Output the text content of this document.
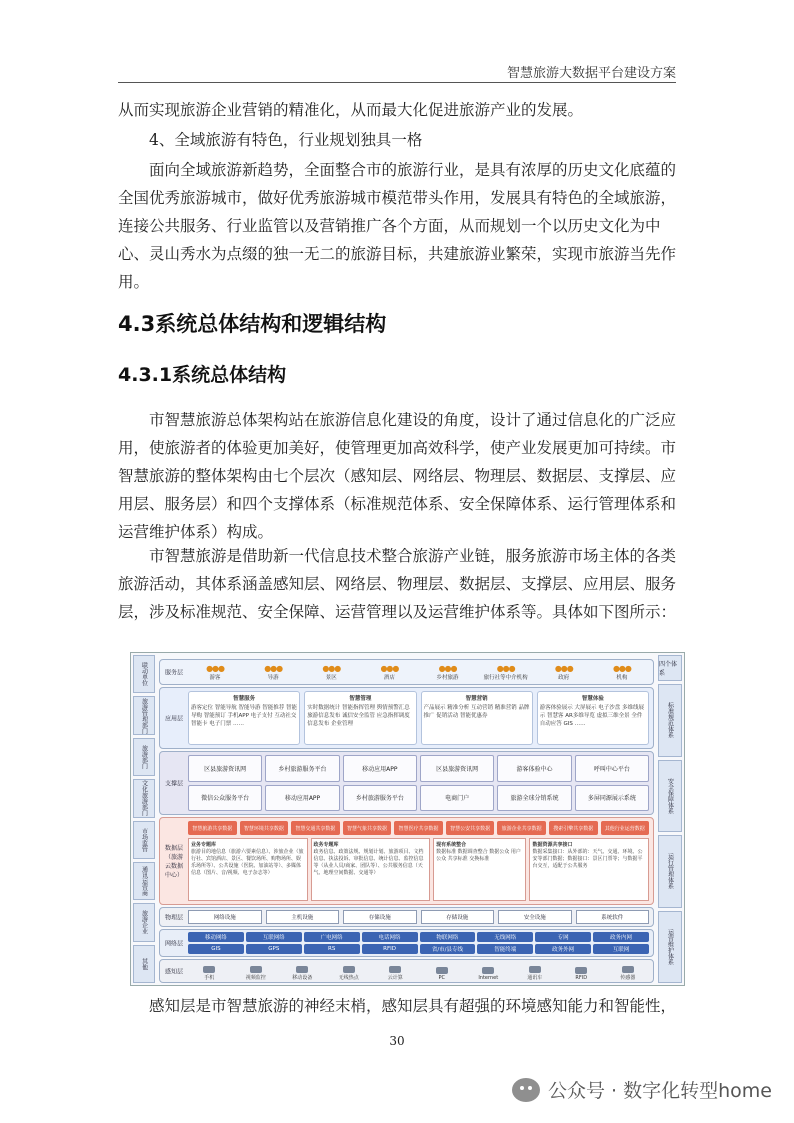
智慧旅游大数据平台建设方案

从而实现旅游企业营销的精准化，从而最大化促进旅游产业的发展。

4、全域旅游有特色，行业规划独具一格

面向全域旅游新趋势，全面整合市的旅游行业，是具有浓厚的历史文化底蕴的全国优秀旅游城市，做好优秀旅游城市模范带头作用，发展具有特色的全域旅游，连接公共服务、行业监管以及营销推广各个方面，从而规划一个以历史文化为中心、灵山秀水为点缀的独一无二的旅游目标，共建旅游业繁荣，实现市旅游当先作用。

4.3系统总体结构和逻辑结构
4.3.1系统总体结构

市智慧旅游总体架构站在旅游信息化建设的角度，设计了通过信息化的广泛应用，使旅游者的体验更加美好，使管理更加高效科学，使产业发展更加可持续。市智慧旅游的整体架构由七个层次（感知层、网络层、物理层、数据层、支撑层、应用层、服务层）和四个支撑体系（标准规范体系、安全保障体系、运行管理体系和运营维护体系）构成。

市智慧旅游是借助新一代信息技术整合旅游产业链，服务旅游市场主体的各类旅游活动，其体系涵盖感知层、网络层、物理层、数据层、支撑层、应用层、服务层，涉及标准规范、安全保障、运营管理以及运营维护体系等。具体如下图所示：

联动单位
旅游管理部门
旅游部门
文化旅游部门
市场监管
通讯运营商
旅游企业
其他
四个体系
标准规范体系
安全保障体系
运行管理体系
运营维护体系
服务层
●●●
游客
●●●
导游
●●●
景区
●●●
酒店
●●●
乡村旅游
●●●
旅行社等中介机构
●●●
政府
●●●
机构
应用层
智慧服务
游客定位 智能导航 智能导游 智能推荐 智能导购 智能预订 手机APP 电子支付 互动社交 智能卡 电子门票 ……
智慧管理
实时数据统计 智能指挥管理 舆情预警汇总 旅游信息发布 诚信安全监管 应急指挥调度 信息发布 企业管理
智慧营销
产品展示 精准分析 互动营销 精准营销 品牌推广 促销活动 智能优惠券
智慧体验
游客体验展示 大屏展示 电子沙盘 多维线展示 智慧客 AR多维导览 虚拟三维全景 全件自动应答 GIS ……
支撑层
区县旅游资讯网	乡村旅游服务平台	移动应用APP	区县旅游资讯网	游客体验中心	呼叫中心平台
微信公众服务平台	移动应用APP	乡村旅游服务平台	电商门户	旅游全球分销系统	多屏同源展示系统
数据层（旅游云数据中心）
智慧旅游共享数据	智慧环境共享数据	智慧交通共享数据	智慧气象共享数据	智慧医疗共享数据	智慧公安共享数据	旅游企业共享数据	搜索引擎共享数据	其他行业运营数据
业务专题库
旅游目的地信息（旅游六要素信息）、涉旅企业（旅行社、宾馆酒店、景区、餐饮场所、购物场所、娱乐场所等）、公共设施（医院、加油站等）、多媒体信息（图片、音/视频、电子杂志等）
政务专题库
政务信息、政策法规、规划计划、旅游项目、文档信息、执法投诉、审批信息、统计信息、监控信息等（从业人员/商家、团队等）、公共服务信息（天气、地理空间数据、交通等）
现有系统整合
数据标准 数据调查整合 数据公众 用户公众 共享标准 交换标准
数据资源共享接口
数据采集接口：从外部的：天气、交通、环境、公安等部门数据；数据接口：景区门票等；与数据平台交互，适配于公共服务
物理层	网络设施	主机设施	存储设施	存储设施	安全设施	系统软件
网络层
移动网络	互联网络	广电网络	电话网络	物联网络	无线网络	专网	政务内网
GIS	GPS	RS	RFID	省/市/县专线	智能终端	政务外网	互联网
感知层
手机	视频监控	移动设备	无线热点	云计算	PC	Internet	通讯车	RFID	传感器

感知层是市智慧旅游的神经末梢，感知层具有超强的环境感知能力和智能性，

30
公众号 · 数字化转型home
